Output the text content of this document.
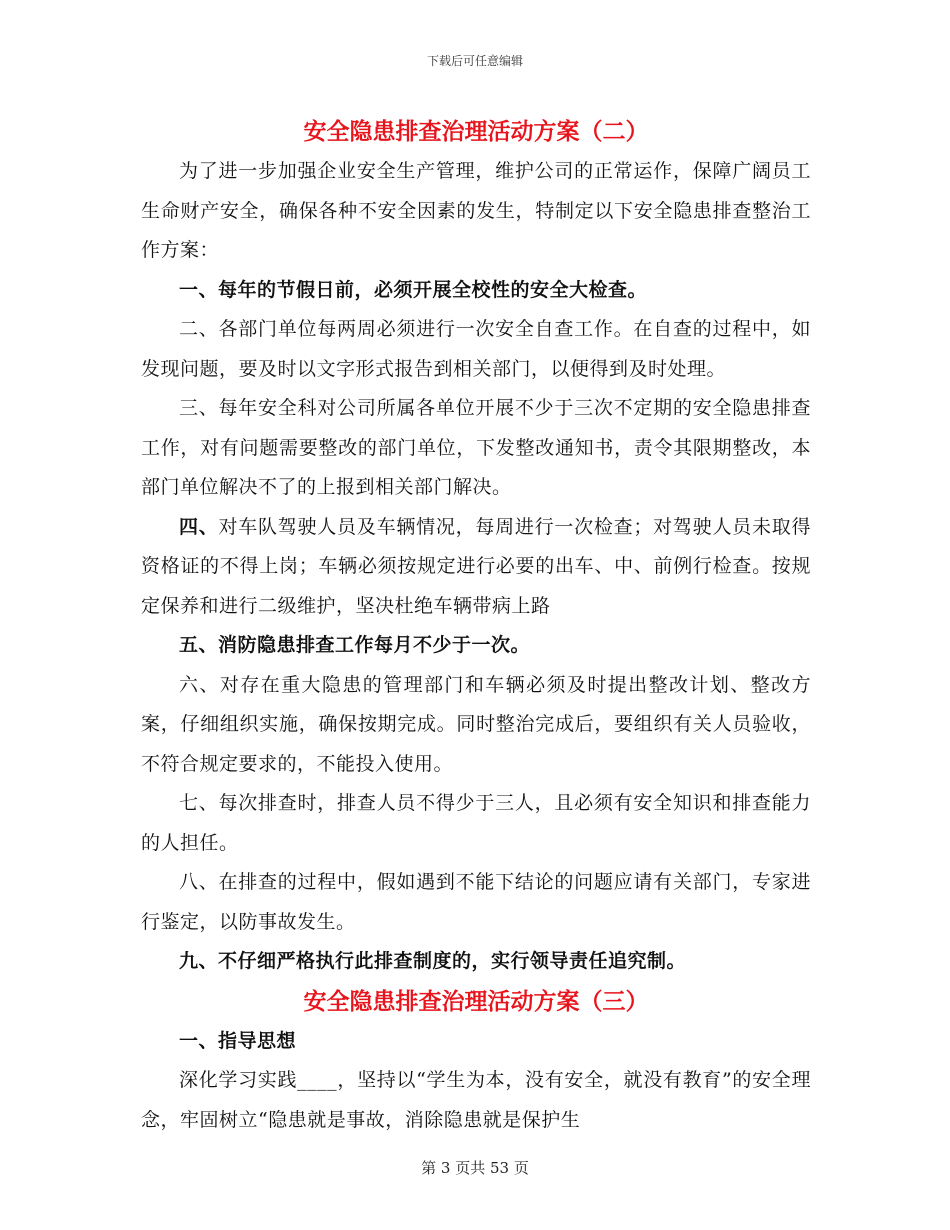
下载后可任意编辑
安全隐患排查治理活动方案（二）

为了进一步加强企业安全生产管理，维护公司的正常运作，保障广阔员工生命财产安全，确保各种不安全因素的发生，特制定以下安全隐患排查整治工作方案：

一、每年的节假日前，必须开展全校性的安全大检查。

二、各部门单位每两周必须进行一次安全自查工作。在自查的过程中，如发现问题，要及时以文字形式报告到相关部门，以便得到及时处理。

三、每年安全科对公司所属各单位开展不少于三次不定期的安全隐患排查工作，对有问题需要整改的部门单位，下发整改通知书，责令其限期整改，本部门单位解决不了的上报到相关部门解决。

四、对车队驾驶人员及车辆情况，每周进行一次检查；对驾驶人员未取得资格证的不得上岗；车辆必须按规定进行必要的出车、中、前例行检查。按规定保养和进行二级维护，坚决杜绝车辆带病上路

五、消防隐患排查工作每月不少于一次。

六、对存在重大隐患的管理部门和车辆必须及时提出整改计划、整改方案，仔细组织实施，确保按期完成。同时整治完成后，要组织有关人员验收，不符合规定要求的，不能投入使用。

七、每次排查时，排查人员不得少于三人，且必须有安全知识和排查能力的人担任。

八、在排查的过程中，假如遇到不能下结论的问题应请有关部门，专家进行鉴定，以防事故发生。

九、不仔细严格执行此排查制度的，实行领导责任追究制。

安全隐患排查治理活动方案（三）

一、指导思想

深化学习实践____，坚持以“学生为本，没有安全，就没有教育”的安全理念，牢固树立“隐患就是事故，消除隐患就是保护生

第 3 页共 53 页
